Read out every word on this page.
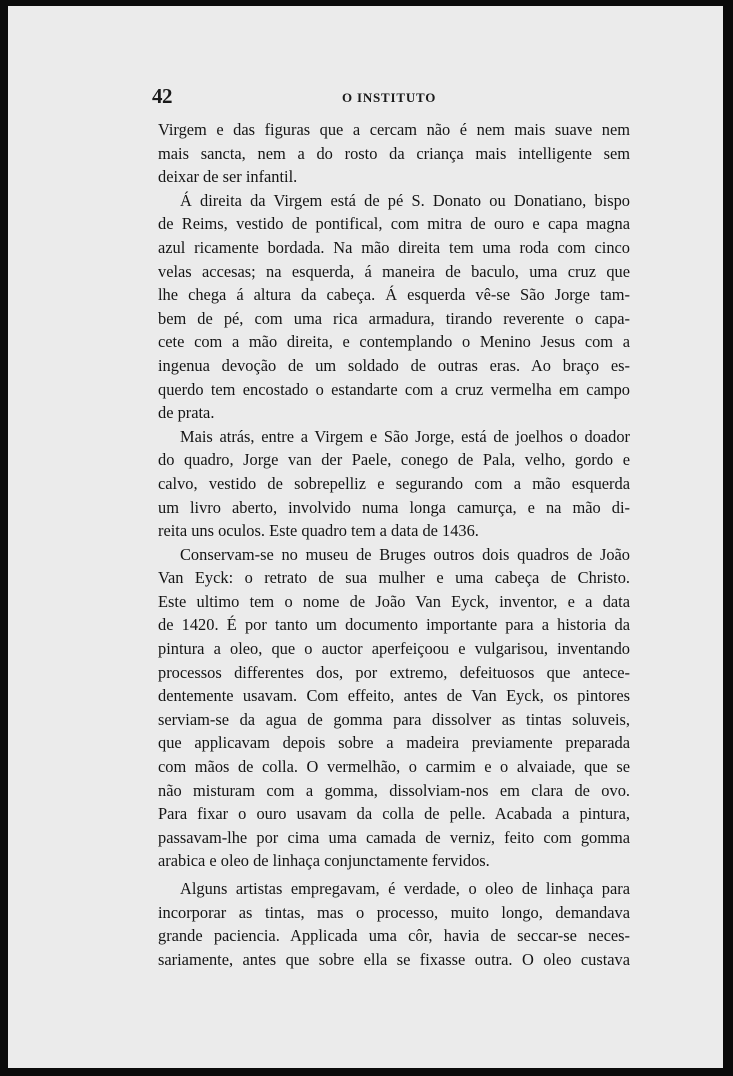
42	O INSTITUTO
Virgem e das figuras que a cercam não é nem mais suave nem
mais sancta, nem a do rosto da criança mais intelligente sem
deixar de ser infantil.
Á direita da Virgem está de pé S. Donato ou Donatiano, bispo
de Reims, vestido de pontifical, com mitra de ouro e capa magna
azul ricamente bordada. Na mão direita tem uma roda com cinco
velas accesas; na esquerda, á maneira de baculo, uma cruz que
lhe chega á altura da cabeça. Á esquerda vê-se São Jorge tam-
bem de pé, com uma rica armadura, tirando reverente o capa-
cete com a mão direita, e contemplando o Menino Jesus com a
ingenua devoção de um soldado de outras eras. Ao braço es-
querdo tem encostado o estandarte com a cruz vermelha em campo
de prata.
Mais atrás, entre a Virgem e São Jorge, está de joelhos o doador
do quadro, Jorge van der Paele, conego de Pala, velho, gordo e
calvo, vestido de sobrepelliz e segurando com a mão esquerda
um livro aberto, involvido numa longa camurça, e na mão di-
reita uns oculos. Este quadro tem a data de 1436.
Conservam-se no museu de Bruges outros dois quadros de João
Van Eyck: o retrato de sua mulher e uma cabeça de Christo.
Este ultimo tem o nome de João Van Eyck, inventor, e a data
de 1420. É por tanto um documento importante para a historia da
pintura a oleo, que o auctor aperfeiçoou e vulgarisou, inventando
processos differentes dos, por extremo, defeituosos que antece-
dentemente usavam. Com effeito, antes de Van Eyck, os pintores
serviam-se da agua de gomma para dissolver as tintas soluveis,
que applicavam depois sobre a madeira previamente preparada
com mãos de colla. O vermelhão, o carmim e o alvaiade, que se
não misturam com a gomma, dissolviam-nos em clara de ovo.
Para fixar o ouro usavam da colla de pelle. Acabada a pintura,
passavam-lhe por cima uma camada de verniz, feito com gomma
arabica e oleo de linhaça conjunctamente fervidos.
Alguns artistas empregavam, é verdade, o oleo de linhaça para
incorporar as tintas, mas o processo, muito longo, demandava
grande paciencia. Applicada uma côr, havia de seccar-se neces-
sariamente, antes que sobre ella se fixasse outra. O oleo custava
